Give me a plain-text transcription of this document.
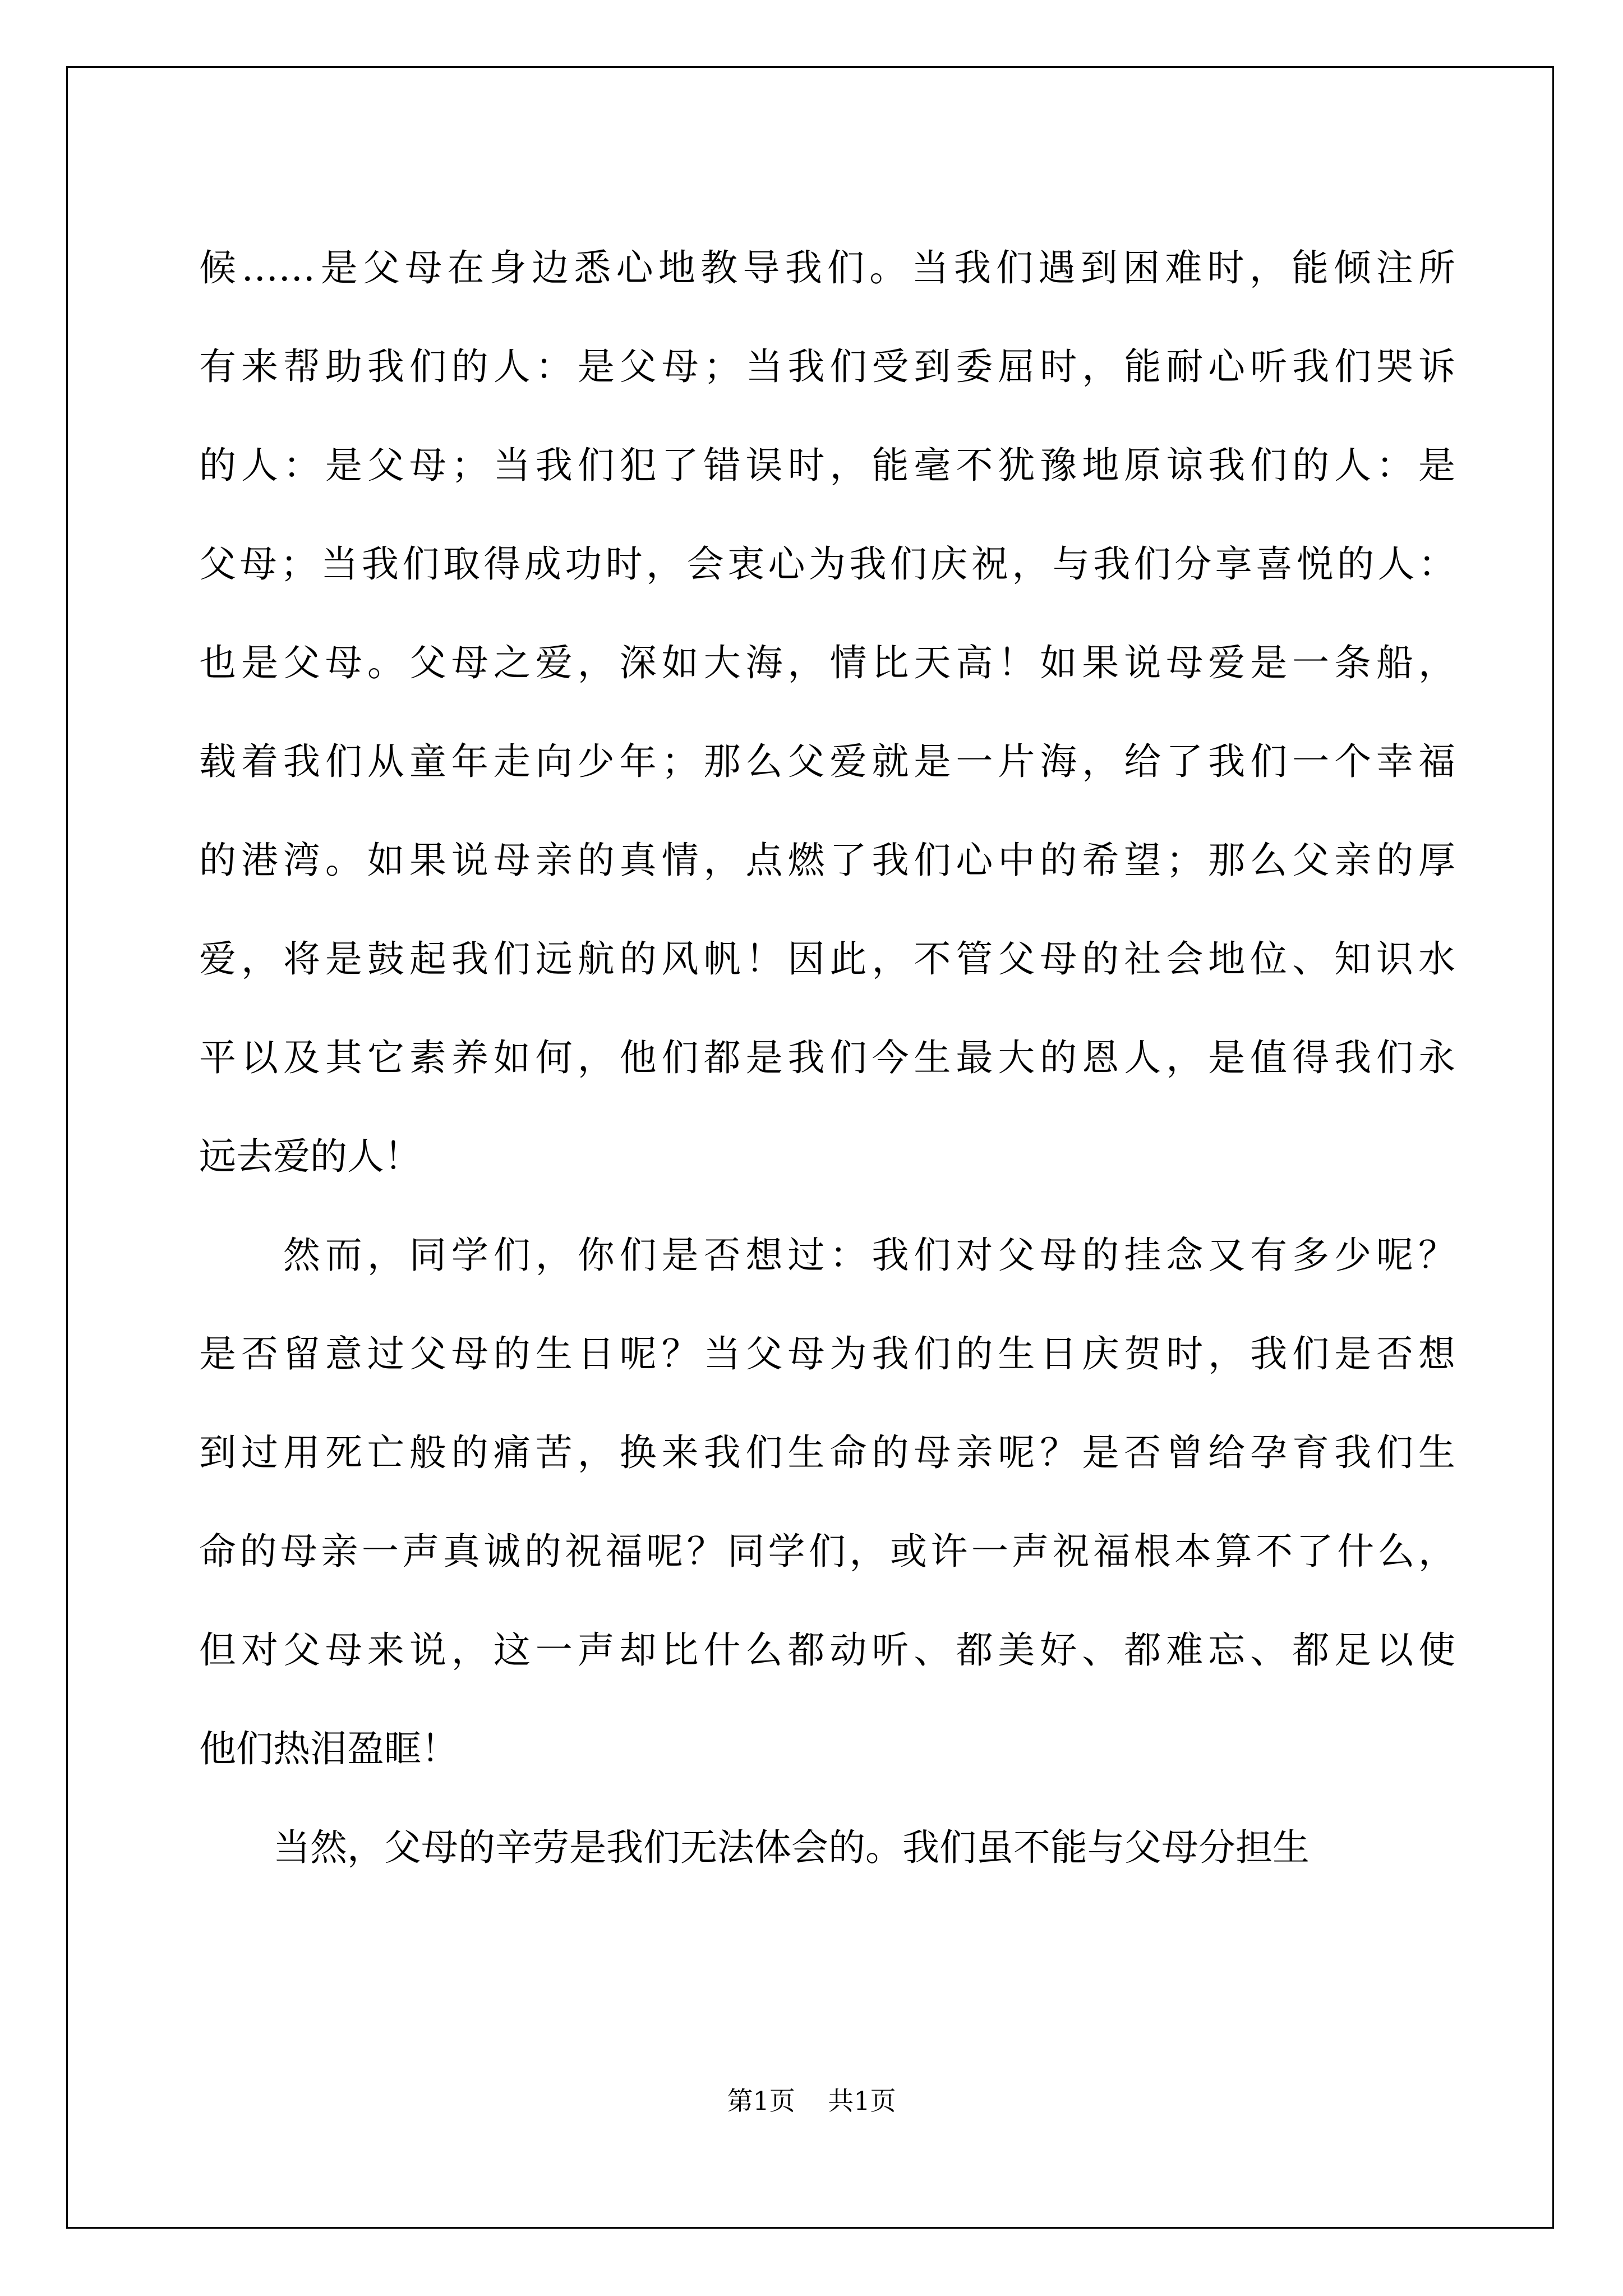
候……是父母在身边悉心地教导我们。当我们遇到困难时，能倾注所
有来帮助我们的人：是父母；当我们受到委屈时，能耐心听我们哭诉
的人：是父母；当我们犯了错误时，能毫不犹豫地原谅我们的人：是
父母；当我们取得成功时，会衷心为我们庆祝，与我们分享喜悦的人：
也是父母。父母之爱，深如大海，情比天高！如果说母爱是一条船，
载着我们从童年走向少年；那么父爱就是一片海，给了我们一个幸福
的港湾。如果说母亲的真情，点燃了我们心中的希望；那么父亲的厚
爱，将是鼓起我们远航的风帆！因此，不管父母的社会地位、知识水
平以及其它素养如何，他们都是我们今生最大的恩人，是值得我们永
远去爱的人！
　　然而，同学们，你们是否想过：我们对父母的挂念又有多少呢？
是否留意过父母的生日呢？当父母为我们的生日庆贺时，我们是否想
到过用死亡般的痛苦，换来我们生命的母亲呢？是否曾给孕育我们生
命的母亲一声真诚的祝福呢？同学们，或许一声祝福根本算不了什么，
但对父母来说，这一声却比什么都动听、都美好、都难忘、都足以使
他们热泪盈眶！
　　当然，父母的辛劳是我们无法体会的。我们虽不能与父母分担生
第1页 共1页
